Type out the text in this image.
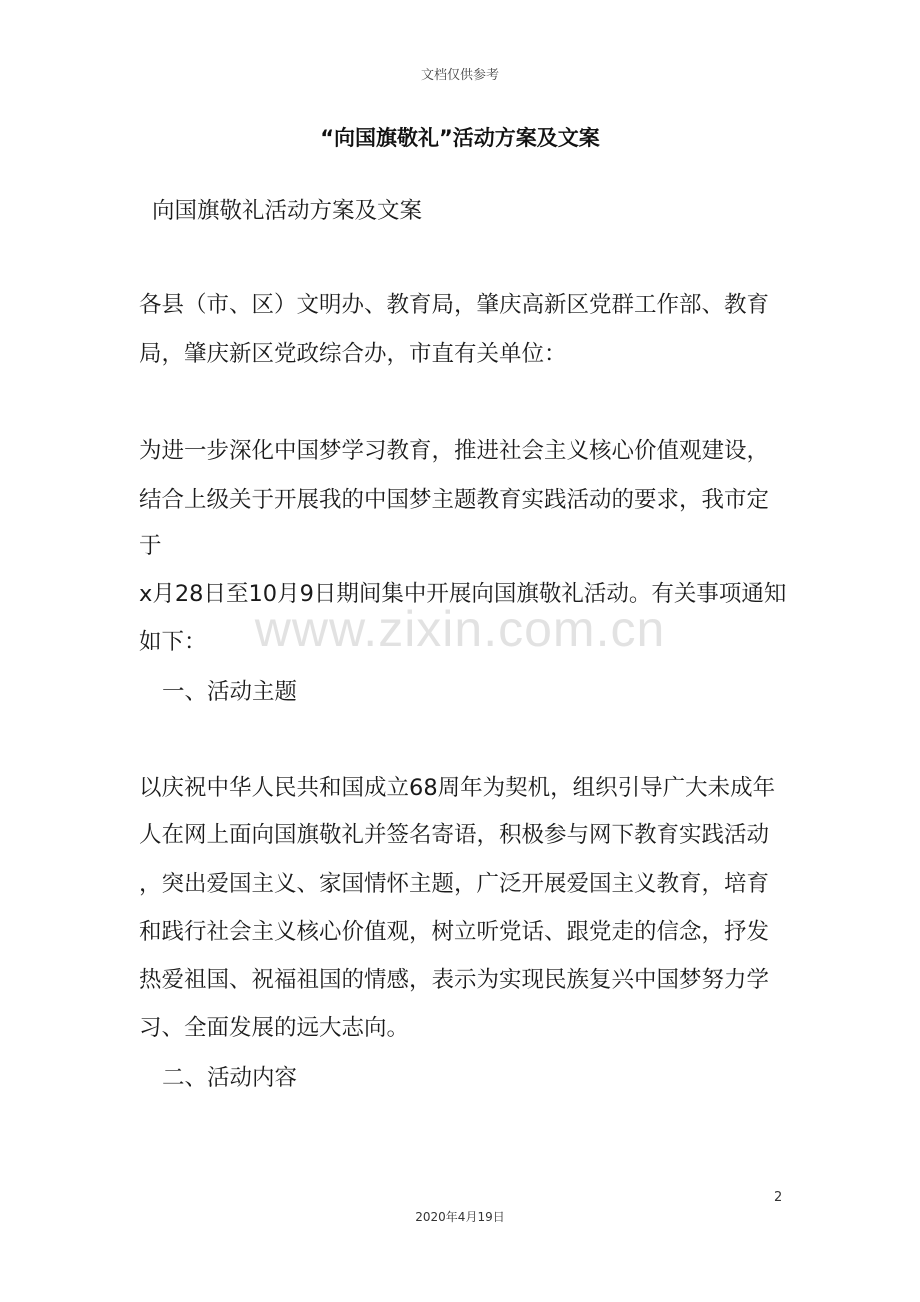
文档仅供参考
“向国旗敬礼”活动方案及文案
向国旗敬礼活动方案及文案
各县（市、区）文明办、教育局，肇庆高新区党群工作部、教育
局，肇庆新区党政综合办，市直有关单位：
为进一步深化中国梦学习教育，推进社会主义核心价值观建设，
结合上级关于开展我的中国梦主题教育实践活动的要求，我市定
于
x月28日至10月9日期间集中开展向国旗敬礼活动。有关事项通知
如下：
一、活动主题
以庆祝中华人民共和国成立68周年为契机，组织引导广大未成年
人在网上面向国旗敬礼并签名寄语，积极参与网下教育实践活动
，突出爱国主义、家国情怀主题，广泛开展爱国主义教育，培育
和践行社会主义核心价值观，树立听党话、跟党走的信念，抒发
热爱祖国、祝福祖国的情感，表示为实现民族复兴中国梦努力学
习、全面发展的远大志向。
二、活动内容
www.zixin.com.cn
2
2020年4月19日
